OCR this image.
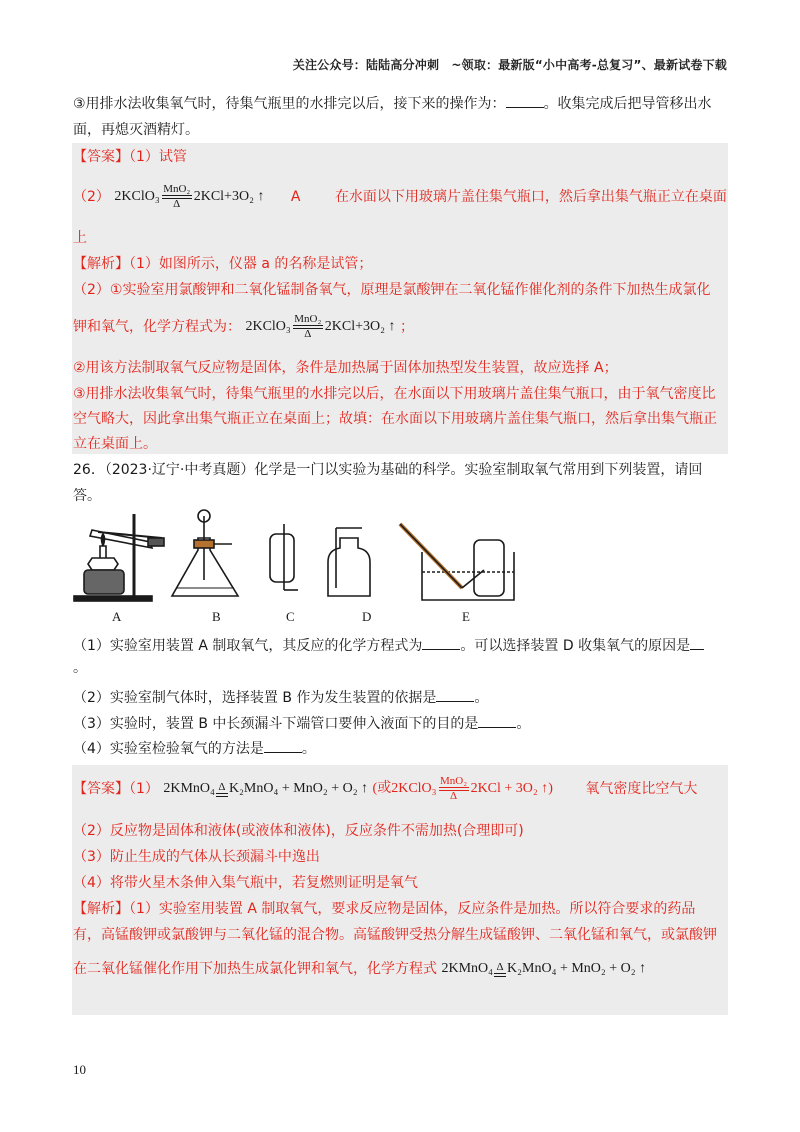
关注公众号：陆陆高分冲刺　~领取：最新版“小中高考-总复习”、最新试卷下载
③用排水法收集氧气时，待集气瓶里的水排完以后，接下来的操作为：	。收集完成后把导管移出水
面，再熄灭酒精灯。
【答案】（1）试管
（2） 2KClO₃ MnO₂
Δ 2KCl+3O₂ ↑ A 在水面以下用玻璃片盖住集气瓶口，然后拿出集气瓶正立在桌面
上
【解析】（1）如图所示，仪器 a 的名称是试管；
（2）①实验室用氯酸钾和二氧化锰制备氧气，原理是氯酸钾在二氧化锰作催化剂的条件下加热生成氯化
钾和氧气，化学方程式为： 2KClO₃ MnO₂
Δ 2KCl+3O₂ ↑ ；
②用该方法制取氧气反应物是固体，条件是加热属于固体加热型发生装置，故应选择 A；
③用排水法收集氧气时，待集气瓶里的水排完以后，在水面以下用玻璃片盖住集气瓶口，由于氧气密度比
空气略大，因此拿出集气瓶正立在桌面上；故填：在水面以下用玻璃片盖住集气瓶口，然后拿出集气瓶正
立在桌面上。
26．（2023·辽宁·中考真题）化学是一门以实验为基础的科学。实验室制取氧气常用到下列装置，请回
答。
A	B	C	D	E
（1）实验室用装置 A 制取氧气，其反应的化学方程式为	。可以选择装置 D 收集氧气的原因是
。
（2）实验室制气体时，选择装置 B 作为发生装置的依据是	。
（3）实验时，装置 B 中长颈漏斗下端管口要伸入液面下的目的是	。
（4）实验室检验氧气的方法是	。
【答案】（1） 2KMnO₄ Δ K₂MnO₄ + MnO₂ + O₂ ↑
(或 2KClO₃ MnO₂
Δ 2KCl + 3O₂ ↑ ) 氧气密度比空气大
（2）反应物是固体和液体(或液体和液体)，反应条件不需加热(合理即可)
（3）防止生成的气体从长颈漏斗中逸出
（4）将带火星木条伸入集气瓶中，若复燃则证明是氧气
【解析】（1）实验室用装置 A 制取氧气，要求反应物是固体，反应条件是加热。所以符合要求的药品
有，高锰酸钾或氯酸钾与二氧化锰的混合物。高锰酸钾受热分解生成锰酸钾、二氧化锰和氧气，或氯酸钾
在二氧化锰催化作用下加热生成氯化钾和氧气，化学方程式 2KMnO₄ Δ K₂MnO₄ + MnO₂ + O₂ ↑
10
